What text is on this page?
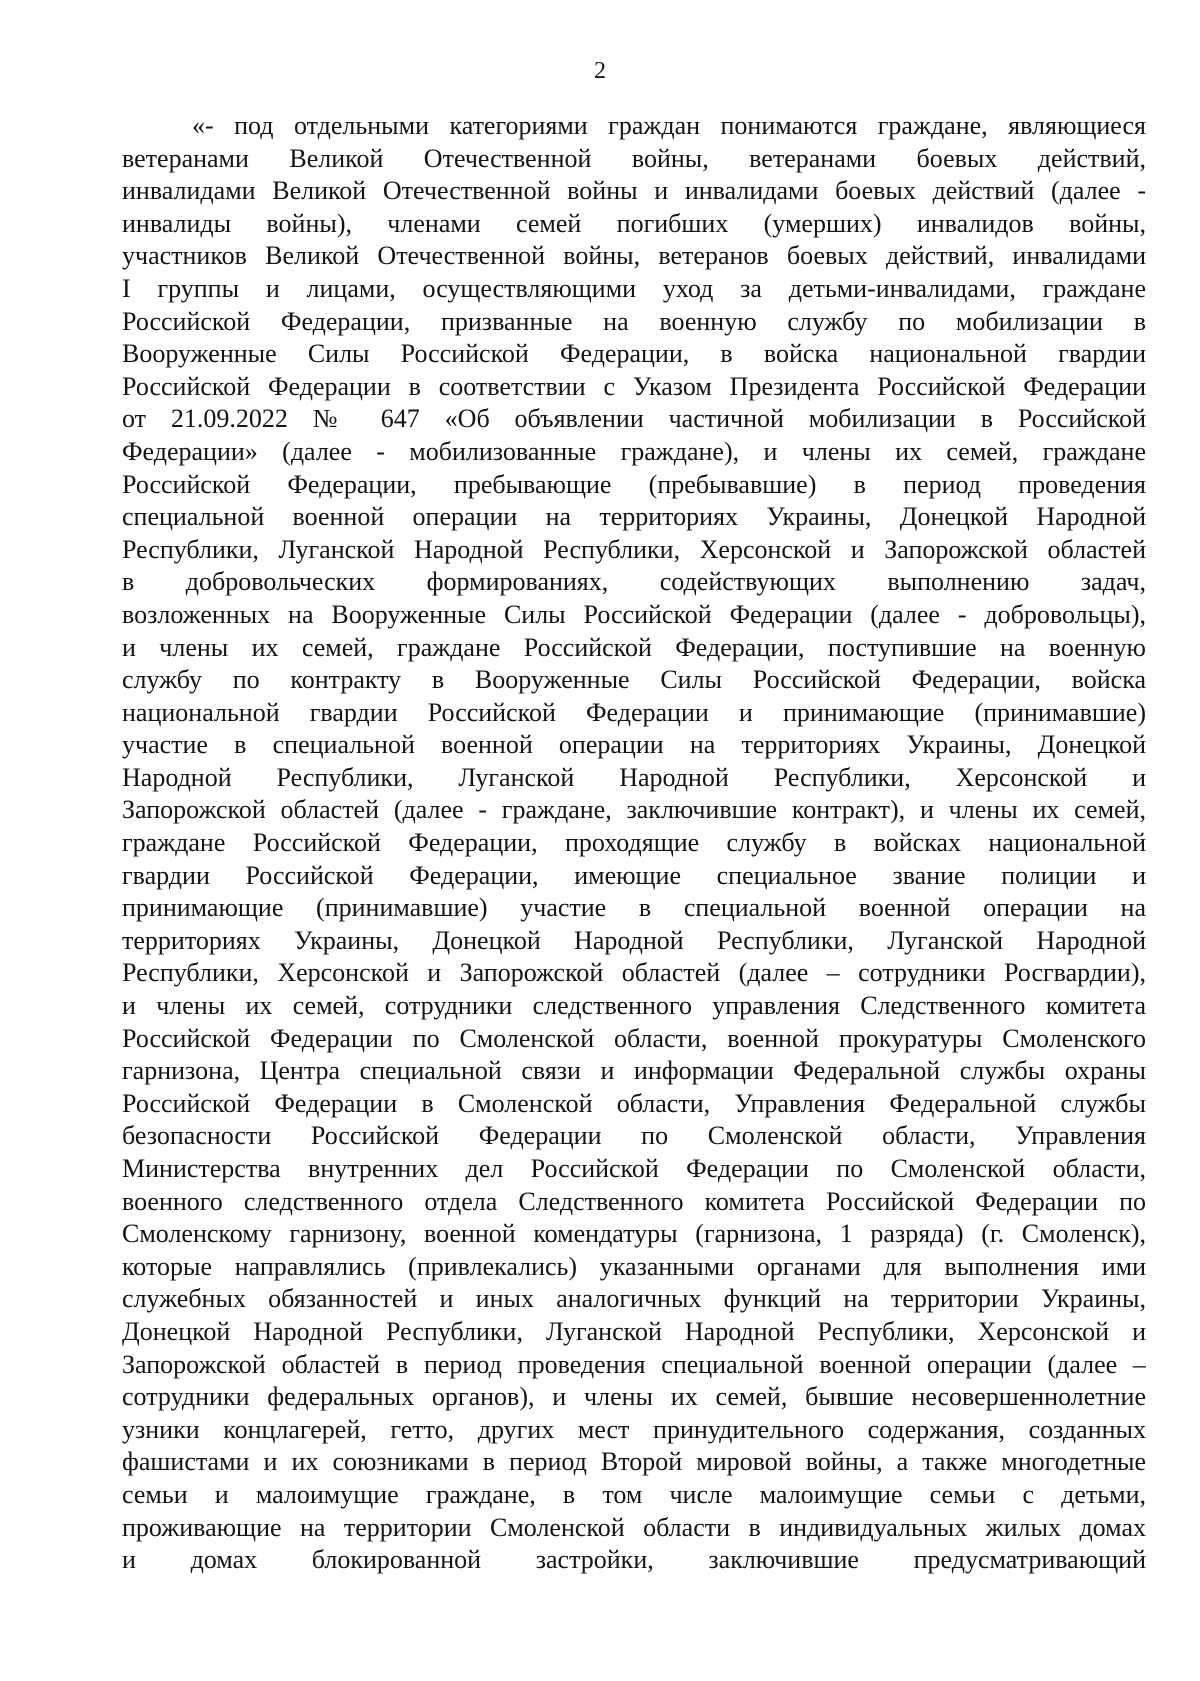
2
«- под отдельными категориями граждан понимаются граждане, являющиеся
ветеранами Великой Отечественной войны, ветеранами боевых действий,
инвалидами Великой Отечественной войны и инвалидами боевых действий (далее -
инвалиды войны), членами семей погибших (умерших) инвалидов войны,
участников Великой Отечественной войны, ветеранов боевых действий, инвалидами
I группы и лицами, осуществляющими уход за детьми-инвалидами, граждане
Российской Федерации, призванные на военную службу по мобилизации в
Вооруженные Силы Российской Федерации, в войска национальной гвардии
Российской Федерации в соответствии с Указом Президента Российской Федерации
от 21.09.2022 № 647 «Об объявлении частичной мобилизации в Российской
Федерации» (далее - мобилизованные граждане), и члены их семей, граждане
Российской Федерации, пребывающие (пребывавшие) в период проведения
специальной военной операции на территориях Украины, Донецкой Народной
Республики, Луганской Народной Республики, Херсонской и Запорожской областей
в добровольческих формированиях, содействующих выполнению задач,
возложенных на Вооруженные Силы Российской Федерации (далее - добровольцы),
и члены их семей, граждане Российской Федерации, поступившие на военную
службу по контракту в Вооруженные Силы Российской Федерации, войска
национальной гвардии Российской Федерации и принимающие (принимавшие)
участие в специальной военной операции на территориях Украины, Донецкой
Народной Республики, Луганской Народной Республики, Херсонской и
Запорожской областей (далее - граждане, заключившие контракт), и члены их семей,
граждане Российской Федерации, проходящие службу в войсках национальной
гвардии Российской Федерации, имеющие специальное звание полиции и
принимающие (принимавшие) участие в специальной военной операции на
территориях Украины, Донецкой Народной Республики, Луганской Народной
Республики, Херсонской и Запорожской областей (далее – сотрудники Росгвардии),
и члены их семей, сотрудники следственного управления Следственного комитета
Российской Федерации по Смоленской области, военной прокуратуры Смоленского
гарнизона, Центра специальной связи и информации Федеральной службы охраны
Российской Федерации в Смоленской области, Управления Федеральной службы
безопасности Российской Федерации по Смоленской области, Управления
Министерства внутренних дел Российской Федерации по Смоленской области,
военного следственного отдела Следственного комитета Российской Федерации по
Смоленскому гарнизону, военной комендатуры (гарнизона, 1 разряда) (г. Смоленск),
которые направлялись (привлекались) указанными органами для выполнения ими
служебных обязанностей и иных аналогичных функций на территории Украины,
Донецкой Народной Республики, Луганской Народной Республики, Херсонской и
Запорожской областей в период проведения специальной военной операции (далее –
сотрудники федеральных органов), и члены их семей, бывшие несовершеннолетние
узники концлагерей, гетто, других мест принудительного содержания, созданных
фашистами и их союзниками в период Второй мировой войны, а также многодетные
семьи и малоимущие граждане, в том числе малоимущие семьи с детьми,
проживающие на территории Смоленской области в индивидуальных жилых домах
и домах блокированной застройки, заключившие предусматривающий
